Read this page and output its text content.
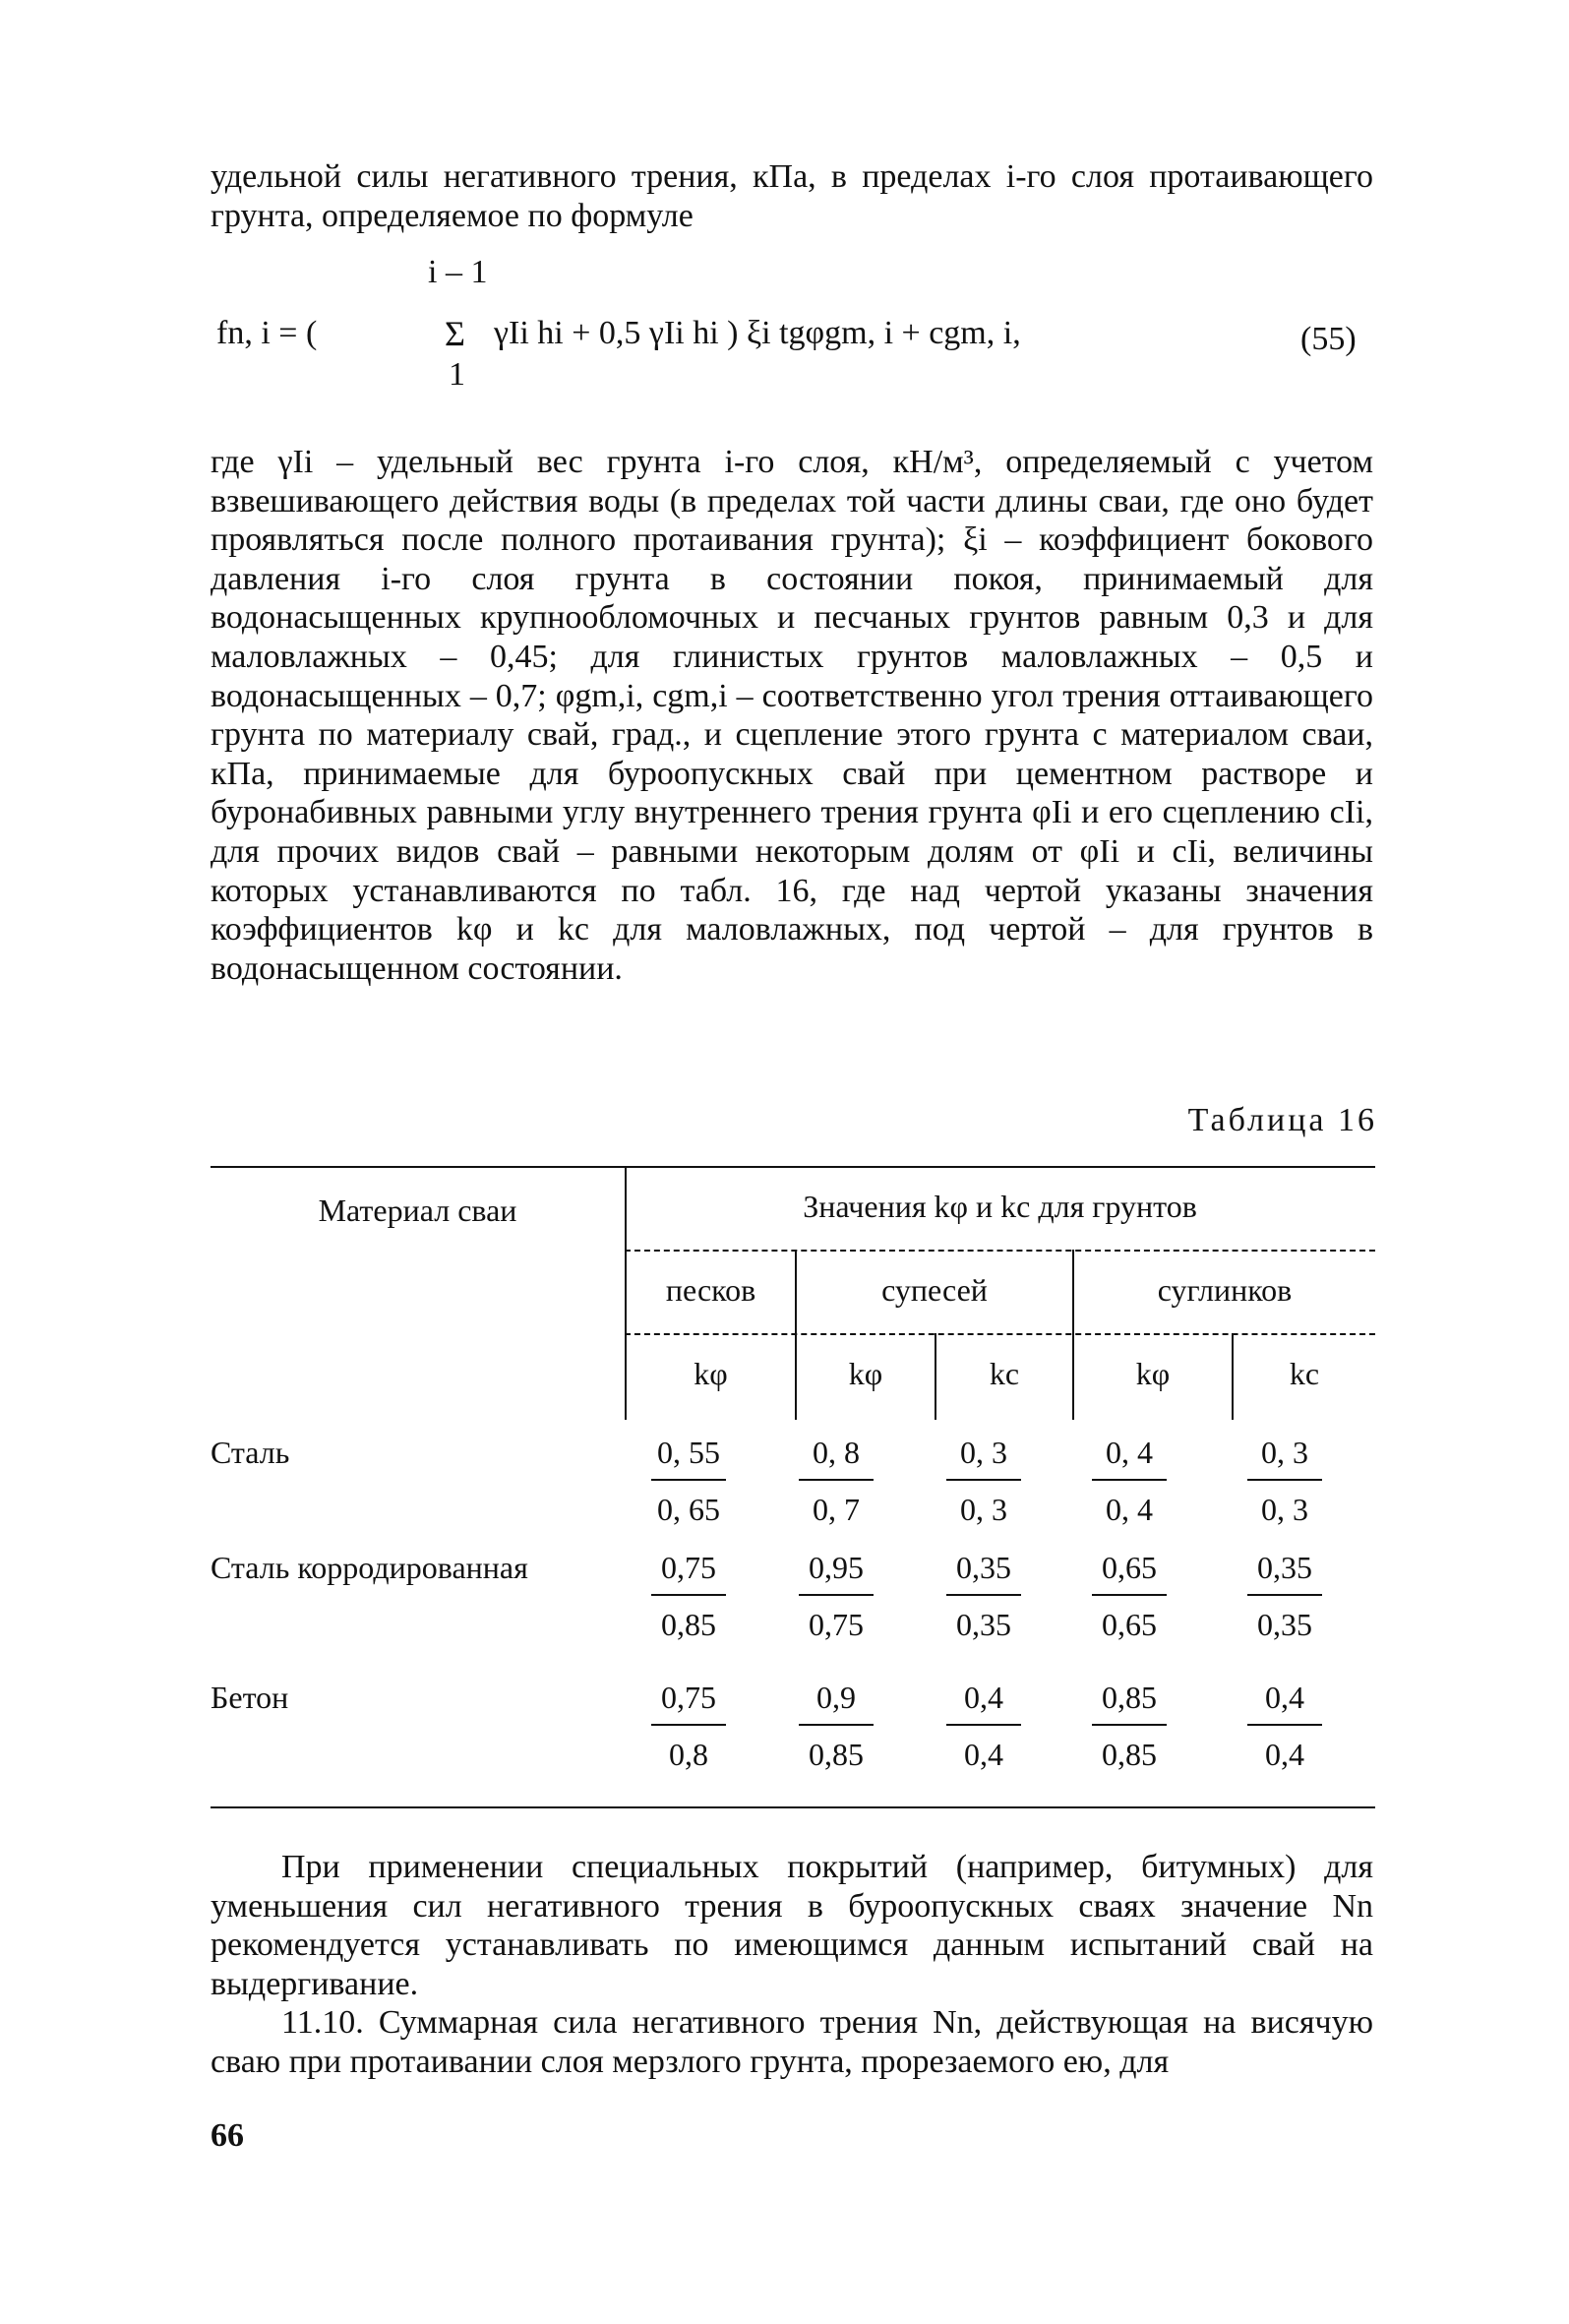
удельной силы негативного трения, кПа, в пределах i-го слоя протаивающего грунта, определяемое по формуле
i – 1
fn, i = (	Σ
1
γIi hi + 0,5 γIi hi ) ξi tgφgm, i + cgm, i,	(55)
где γIi – удельный вес грунта i-го слоя, кН/м³, определяемый с учетом взвешивающего действия воды (в пределах той части длины сваи, где оно будет проявляться после полного протаивания грунта); ξi – коэффициент бокового давления i-го слоя грунта в состоянии покоя, принимаемый для водонасыщенных крупнообломочных и песчаных грунтов равным 0,3 и для маловлажных – 0,45; для глинистых грунтов маловлажных – 0,5 и водонасыщенных – 0,7; φgm,i, cgm,i – соответственно угол трения оттаивающего грунта по материалу свай, град., и сцепление этого грунта с материалом сваи, кПа, принимаемые для буроопускных свай при цементном растворе и буронабивных равными углу внутреннего трения грунта φIi и его сцеплению cIi, для прочих видов свай – равными некоторым долям от φIi и cIi, величины которых устанавливаются по табл. 16, где над чертой указаны значения коэффициентов kφ и kc для маловлажных, под чертой – для грунтов в водонасыщенном состоянии.
Таблица 16
Материал сваи	Значения kφ и kc для грунтов
песков	супесей	суглинков
kφ	kφ	kc	kφ	kc
Сталь	0, 55	0, 8	0, 3	0, 4	0, 3
0, 65	0, 7	0, 3	0, 4	0, 3
Сталь корродированная	0,75	0,95	0,35	0,65	0,35
0,85	0,75	0,35	0,65	0,35
Бетон	0,75	0,9	0,4	0,85	0,4
0,8	0,85	0,4	0,85	0,4
При применении специальных покрытий (например, битумных) для уменьшения сил негативного трения в буроопускных сваях значение Nn рекомендуется устанавливать по имеющимся данным испытаний свай на выдергивание.
11.10. Суммарная сила негативного трения Nn, действующая на висячую сваю при протаивании слоя мерзлого грунта, прорезаемого ею, для
66
